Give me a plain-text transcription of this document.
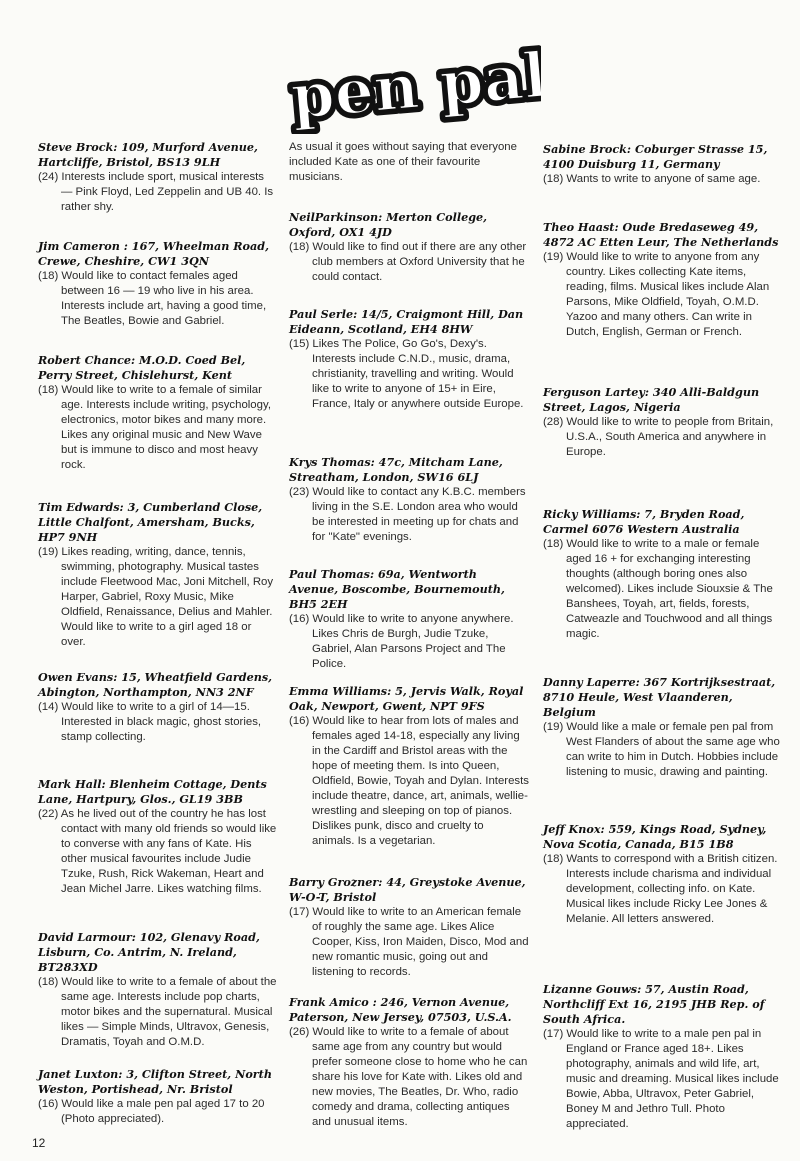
pen pals
pen pals
Steve Brock: 109, Murford Avenue, Hartcliffe, Bristol, BS13 9LH
(24) Interests include sport, musical interests — Pink Floyd, Led Zeppelin and UB 40. Is rather shy.
Jim Cameron : 167, Wheelman Road, Crewe, Cheshire, CW1 3QN
(18) Would like to contact females aged between 16 — 19 who live in his area. Interests include art, having a good time, The Beatles, Bowie and Gabriel.
Robert Chance: M.O.D. Coed Bel, Perry Street, Chislehurst, Kent
(18) Would like to write to a female of similar age. Interests include writing, psychology, electronics, motor bikes and many more. Likes any original music and New Wave but is immune to disco and most heavy rock.
Tim Edwards: 3, Cumberland Close, Little Chalfont, Amersham, Bucks, HP7 9NH
(19) Likes reading, writing, dance, tennis, swimming, photography. Musical tastes include Fleetwood Mac, Joni Mitchell, Roy Harper, Gabriel, Roxy Music, Mike Oldfield, Renaissance, Delius and Mahler. Would like to write to a girl aged 18 or over.
Owen Evans: 15, Wheatfield Gardens, Abington, Northampton, NN3 2NF
(14) Would like to write to a girl of 14—15. Interested in black magic, ghost stories, stamp collecting.
Mark Hall: Blenheim Cottage, Dents Lane, Hartpury, Glos., GL19 3BB
(22) As he lived out of the country he has lost contact with many old friends so would like to converse with any fans of Kate. His other musical favourites include Judie Tzuke, Rush, Rick Wakeman, Heart and Jean Michel Jarre. Likes watching films.
David Larmour: 102, Glenavy Road, Lisburn, Co. Antrim, N. Ireland, BT283XD
(18) Would like to write to a female of about the same age. Interests include pop charts, motor bikes and the supernatural. Musical likes — Simple Minds, Ultravox, Genesis, Dramatis, Toyah and O.M.D.
Janet Luxton: 3, Clifton Street, North Weston, Portishead, Nr. Bristol
(16) Would like a male pen pal aged 17 to 20 (Photo appreciated).
As usual it goes without saying that everyone included Kate as one of their favourite musicians.
NeilParkinson: Merton College, Oxford, OX1 4JD
(18) Would like to find out if there are any other club members at Oxford University that he could contact.
Paul Serle: 14/5, Craigmont Hill, Dan Eideann, Scotland, EH4 8HW
(15) Likes The Police, Go Go's, Dexy's. Interests include C.N.D., music, drama, christianity, travelling and writing. Would like to write to anyone of 15+ in Eire, France, Italy or anywhere outside Europe.
Krys Thomas: 47c, Mitcham Lane, Streatham, London, SW16 6LJ
(23) Would like to contact any K.B.C. members living in the S.E. London area who would be interested in meeting up for chats and for "Kate" evenings.
Paul Thomas: 69a, Wentworth Avenue, Boscombe, Bournemouth, BH5 2EH
(16) Would like to write to anyone anywhere. Likes Chris de Burgh, Judie Tzuke, Gabriel, Alan Parsons Project and The Police.
Emma Williams: 5, Jervis Walk, Royal Oak, Newport, Gwent, NPT 9FS
(16) Would like to hear from lots of males and females aged 14-18, especially any living in the Cardiff and Bristol areas with the hope of meeting them. Is into Queen, Oldfield, Bowie, Toyah and Dylan. Interests include theatre, dance, art, animals, wellie-wrestling and sleeping on top of pianos. Dislikes punk, disco and cruelty to animals. Is a vegetarian.
Barry Grozner: 44, Greystoke Avenue, W-O-T, Bristol
(17) Would like to write to an American female of roughly the same age. Likes Alice Cooper, Kiss, Iron Maiden, Disco, Mod and new romantic music, going out and listening to records.
Frank Amico : 246, Vernon Avenue, Paterson, New Jersey, 07503, U.S.A.
(26) Would like to write to a female of about same age from any country but would prefer someone close to home who he can share his love for Kate with. Likes old and new movies, The Beatles, Dr. Who, radio comedy and drama, collecting antiques and unusual items.
Sabine Brock: Coburger Strasse 15, 4100 Duisburg 11, Germany
(18) Wants to write to anyone of same age.
Theo Haast: Oude Bredaseweg 49, 4872 AC Etten Leur, The Netherlands
(19) Would like to write to anyone from any country. Likes collecting Kate items, reading, films. Musical likes include Alan Parsons, Mike Oldfield, Toyah, O.M.D. Yazoo and many others. Can write in Dutch, English, German or French.
Ferguson Lartey: 340 Alli-Baldgun Street, Lagos, Nigeria
(28) Would like to write to people from Britain, U.S.A., South America and anywhere in Europe.
Ricky Williams: 7, Bryden Road, Carmel 6076 Western Australia
(18) Would like to write to a male or female aged 16 + for exchanging interesting thoughts (although boring ones also welcomed). Likes include Siouxsie & The Banshees, Toyah, art, fields, forests, Catweazle and Touchwood and all things magic.
Danny Laperre: 367 Kortrijksestraat, 8710 Heule, West Vlaanderen, Belgium
(19) Would like a male or female pen pal from West Flanders of about the same age who can write to him in Dutch. Hobbies include listening to music, drawing and painting.
Jeff Knox: 559, Kings Road, Sydney, Nova Scotia, Canada, B15 1B8
(18) Wants to correspond with a British citizen. Interests include charisma and individual development, collecting info. on Kate. Musical likes include Ricky Lee Jones & Melanie. All letters answered.
Lizanne Gouws: 57, Austin Road, Northcliff Ext 16, 2195 JHB Rep. of South Africa.
(17) Would like to write to a male pen pal in England or France aged 18+. Likes photography, animals and wild life, art, music and dreaming. Musical likes include Bowie, Abba, Ultravox, Peter Gabriel, Boney M and Jethro Tull. Photo appreciated.
12
